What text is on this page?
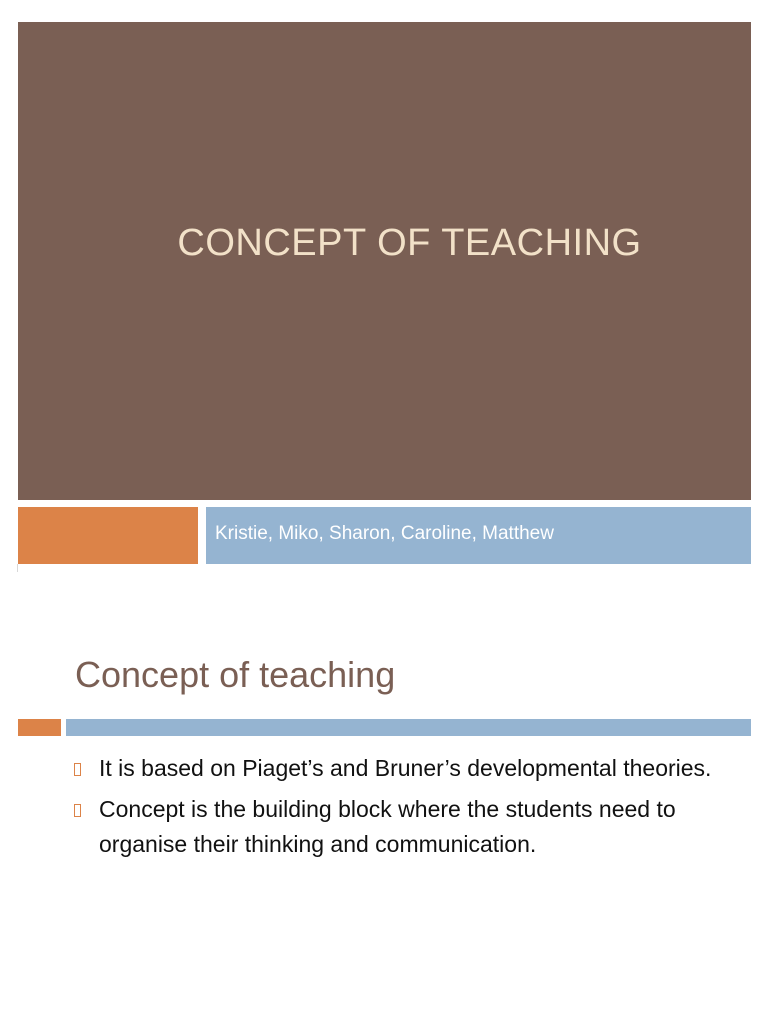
CONCEPT OF TEACHING
Kristie, Miko, Sharon, Caroline, Matthew
Concept of teaching
It is based on Piaget’s and Bruner’s developmental theories.
Concept is the building block where the students need to organise their thinking and communication.
